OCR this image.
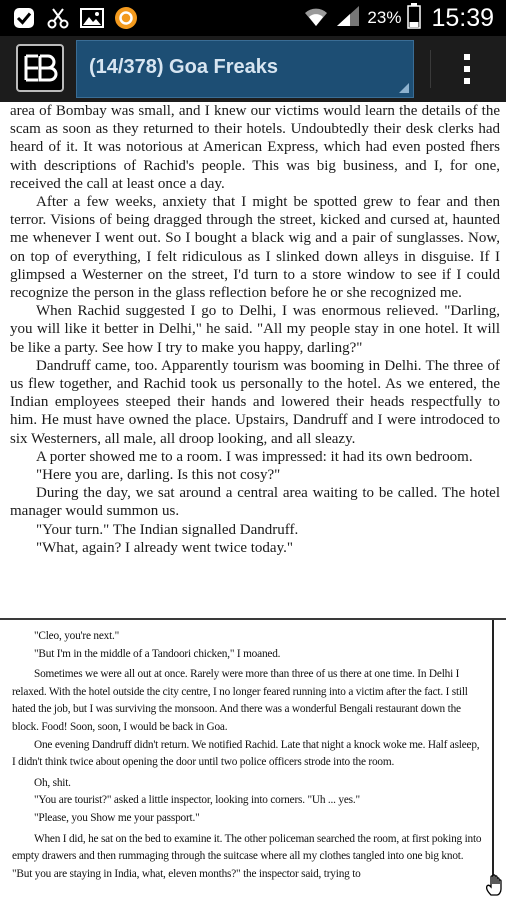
23% 15:39
(14/378) Goa Freaks

area of Bombay was small, and I knew our victims would learn the details of the scam as soon as they returned to their hotels. Undoubtedly their desk clerks had heard of it. It was notorious at American Express, which had even posted fhers with descriptions of Rachid's people. This was big business, and I, for one, received the call at least once a day.

After a few weeks, anxiety that I might be spotted grew to fear and then terror. Visions of being dragged through the street, kicked and cursed at, haunted me whenever I went out. So I bought a black wig and a pair of sunglasses. Now, on top of everything, I felt ridiculous as I slinked down alleys in disguise. If I glimpsed a Westerner on the street, I'd turn to a store window to see if I could recognize the person in the glass reflection before he or she recognized me.

When Rachid suggested I go to Delhi, I was enormous relieved. "Darling, you will like it better in Delhi," he said. "All my people stay in one hotel. It will be like a party. See how I try to make you happy, darling?"

Dandruff came, too. Apparently tourism was booming in Delhi. The three of us flew together, and Rachid took us personally to the hotel. As we entered, the Indian employees steeped their hands and lowered their heads respectfully to him. He must have owned the place. Upstairs, Dandruff and I were introdoced to six Westerners, all male, all droop looking, and all sleazy.

A porter showed me to a room. I was impressed: it had its own bedroom.

"Here you are, darling. Is this not cosy?"

During the day, we sat around a central area waiting to be called. The hotel manager would summon us.

"Your turn." The Indian signalled Dandruff.

"What, again? I already went twice today."

"Cleo, you're next."

"But I'm in the middle of a Tandoori chicken," I moaned.

Sometimes we were all out at once. Rarely were more than three of us there at one time. In Delhi I relaxed. With the hotel outside the city centre, I no longer feared running into a victim after the fact. I still hated the job, but I was surviving the monsoon. And there was a wonderful Bengali restaurant down the block. Food! Soon, soon, I would be back in Goa.

One evening Dandruff didn't return. We notified Rachid. Late that night a knock woke me. Half asleep, I didn't think twice about opening the door until two police officers strode into the room.

Oh, shit.

"You are tourist?" asked a little inspector, looking into corners. "Uh ... yes."

"Please, you Show me your passport."

When I did, he sat on the bed to examine it. The other policeman searched the room, at first poking into empty drawers and then rummaging through the suitcase where all my clothes tangled into one big knot. "But you are staying in India, what, eleven months?" the inspector said, trying to
